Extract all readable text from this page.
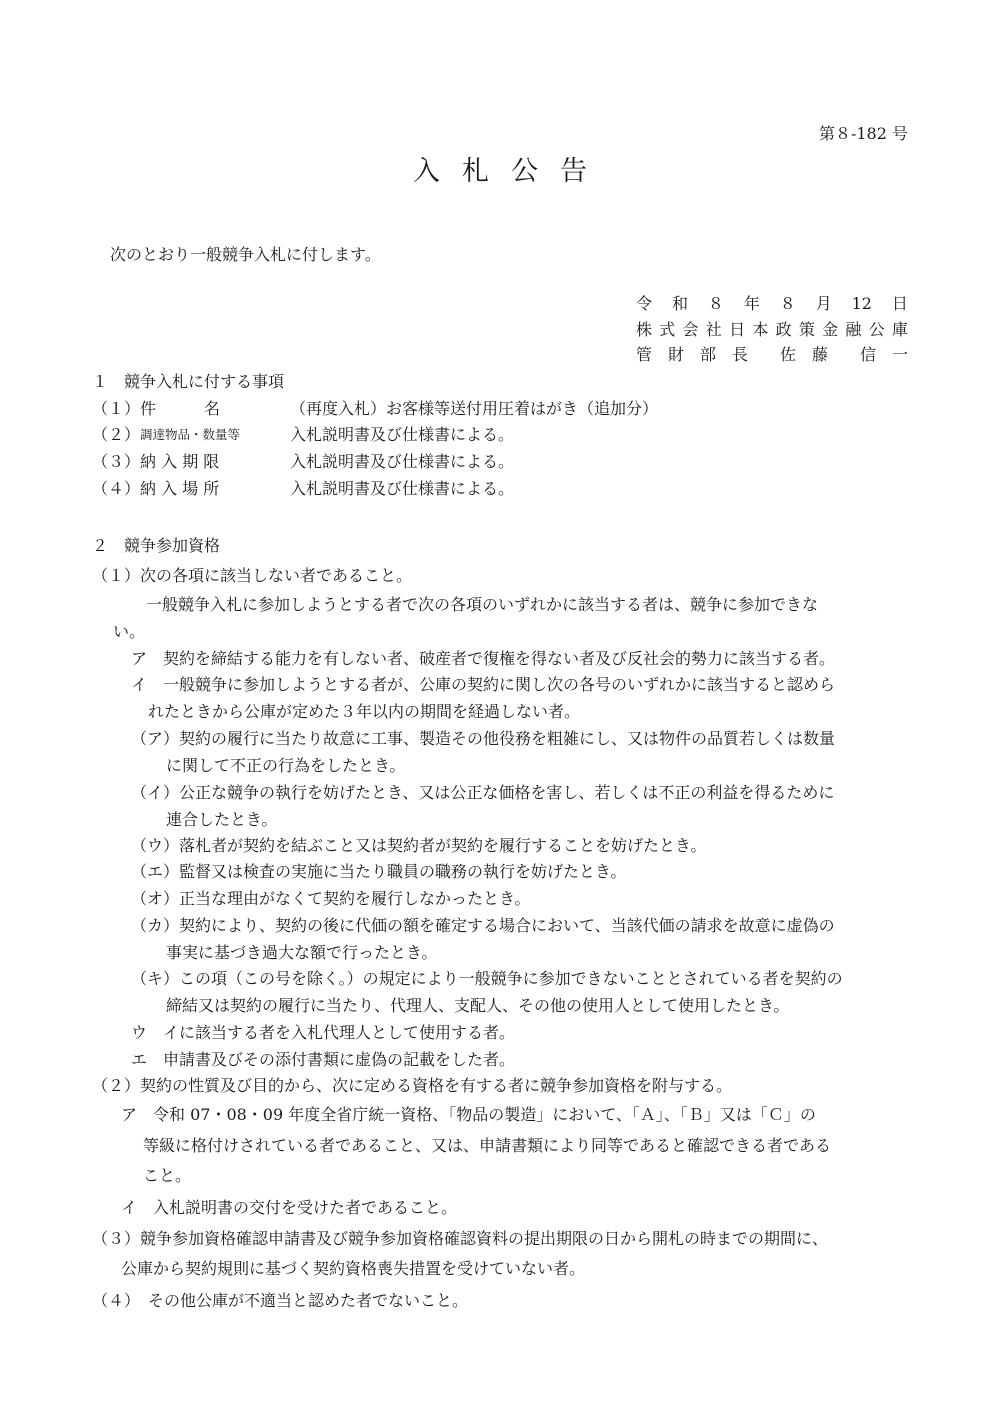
第８-182 号
入札公告
次のとおり一般競争入札に付します。
令 和 ８ 年 ８ 月 12 日
株 式 会 社 日 本 政 策 金 融 公 庫
管 財 部 長 佐 藤 信 一
１　競争入札に付する事項
（１） 件　　　名	（再度入札）お客様等送付用圧着はがき（追加分）
（２） 調達物品・数量等	入札説明書及び仕様書による。
（３） 納 入 期 限	入札説明書及び仕様書による。
（４） 納 入 場 所	入札説明書及び仕様書による。
２　競争参加資格
（１）次の各項に該当しない者であること。
一般競争入札に参加しようとする者で次の各項のいずれかに該当する者は、競争に参加できな
い。
ア　契約を締結する能力を有しない者、破産者で復権を得ない者及び反社会的勢力に該当する者。
イ　一般競争に参加しようとする者が、公庫の契約に関し次の各号のいずれかに該当すると認めら
れたときから公庫が定めた３年以内の期間を経過しない者。
（ア）契約の履行に当たり故意に工事、製造その他役務を粗雑にし、又は物件の品質若しくは数量
に関して不正の行為をしたとき。
（イ）公正な競争の執行を妨げたとき、又は公正な価格を害し、若しくは不正の利益を得るために
連合したとき。
（ウ）落札者が契約を結ぶこと又は契約者が契約を履行することを妨げたとき。
（エ）監督又は検査の実施に当たり職員の職務の執行を妨げたとき。
（オ）正当な理由がなくて契約を履行しなかったとき。
（カ）契約により、契約の後に代価の額を確定する場合において、当該代価の請求を故意に虚偽の
事実に基づき過大な額で行ったとき。
（キ）この項（この号を除く。）の規定により一般競争に参加できないこととされている者を契約の
締結又は契約の履行に当たり、代理人、支配人、その他の使用人として使用したとき。
ウ　イに該当する者を入札代理人として使用する者。
エ　申請書及びその添付書類に虚偽の記載をした者。
（２）契約の性質及び目的から、次に定める資格を有する者に競争参加資格を附与する。
ア　令和 07・08・09 年度全省庁統一資格、「物品の製造」において、「Ａ」、「Ｂ」又は「Ｃ」の
等級に格付けされている者であること、又は、申請書類により同等であると確認できる者である
こと。
イ　入札説明書の交付を受けた者であること。
（３）競争参加資格確認申請書及び競争参加資格確認資料の提出期限の日から開札の時までの期間に、
公庫から契約規則に基づく契約資格喪失措置を受けていない者。
（４）　その他公庫が不適当と認めた者でないこと。
